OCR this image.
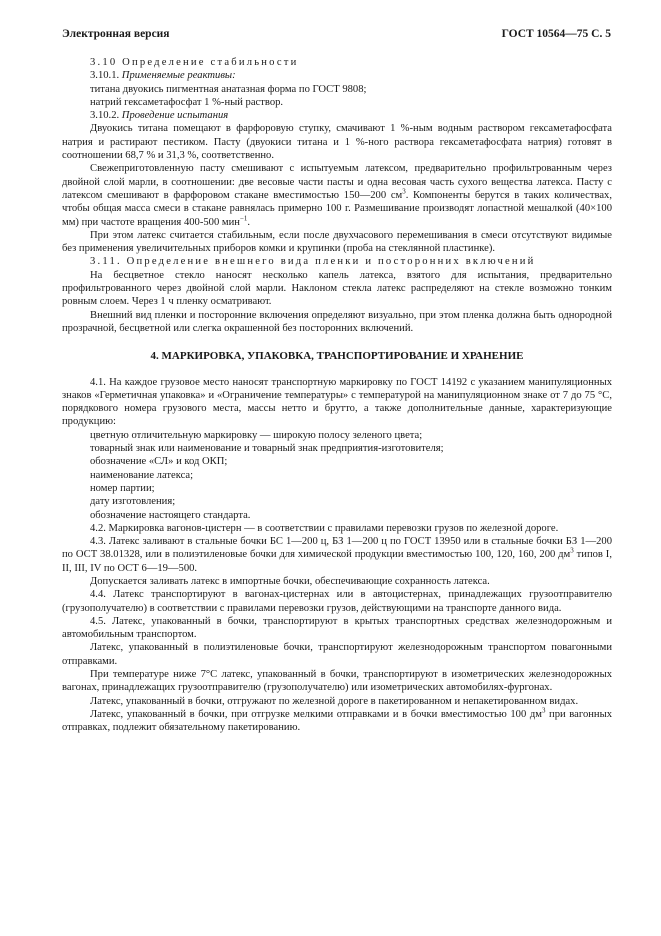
Электронная версия	ГОСТ 10564—75 С. 5

3.10 Определение стабильности

3.10.1. Применяемые реактивы:

титана двуокись пигментная анатазная форма по ГОСТ 9808;

натрий гексаметафосфат 1 %-ный раствор.

3.10.2. Проведение испытания

Двуокись титана помещают в фарфоровую ступку, смачивают 1 %-ным водным раствором гексаметафосфата натрия и растирают пестиком. Пасту (двуокиси титана и 1 %-ного раствора гексаметафосфата натрия) готовят в соотношении 68,7 % и 31,3 %, соответственно.

Свежеприготовленную пасту смешивают с испытуемым латексом, предварительно профильтрованным через двойной слой марли, в соотношении: две весовые части пасты и одна весовая часть сухого вещества латекса. Пасту с латексом смешивают в фарфоровом стакане вместимостью 150—200 $см^3$. Компоненты берутся в таких количествах, чтобы общая масса смеси в стакане равнялась примерно 100 г. Размешивание производят лопастной мешалкой (40×100 мм) при частоте вращения 400-500 мин$^{-1}$.

При этом латекс считается стабильным, если после двухчасового перемешивания в смеси отсутствуют видимые без применения увеличительных приборов комки и крупинки (проба на стеклянной пластинке).

3.11. Определение внешнего вида пленки и посторонних включений

На бесцветное стекло наносят несколько капель латекса, взятого для испытания, предварительно профильтрованного через двойной слой марли. Наклоном стекла латекс распределяют на стекле возможно тонким ровным слоем. Через 1 ч пленку осматривают.

Внешний вид пленки и посторонние включения определяют визуально, при этом пленка должна быть однородной прозрачной, бесцветной или слегка окрашенной без посторонних включений.

4. МАРКИРОВКА, УПАКОВКА, ТРАНСПОРТИРОВАНИЕ И ХРАНЕНИЕ

4.1. На каждое грузовое место наносят транспортную маркировку по ГОСТ 14192 с указанием манипуляционных знаков «Герметичная упаковка» и «Ограничение температуры» с температурой на манипуляционном знаке от 7 до 75 °С, порядкового номера грузового места, массы нетто и брутто, а также дополнительные данные, характеризующие продукцию:

цветную отличительную маркировку — широкую полосу зеленого цвета;

товарный знак или наименование и товарный знак предприятия-изготовителя;

обозначение «СЛ» и код ОКП;

наименование латекса;

номер партии;

дату изготовления;

обозначение настоящего стандарта.

4.2. Маркировка вагонов-цистерн — в соответствии с правилами перевозки грузов по железной дороге.

4.3. Латекс заливают в стальные бочки БС 1—200 ц, БЗ 1—200 ц по ГОСТ 13950 или в стальные бочки БЗ 1—200 по ОСТ 38.01328, или в полиэтиленовые бочки для химической продукции вместимостью 100, 120, 160, 200 $дм^3$ типов I, II, III, IV по ОСТ 6—19—500.

Допускается заливать латекс в импортные бочки, обеспечивающие сохранность латекса.

4.4. Латекс транспортируют в вагонах-цистернах или в автоцистернах, принадлежащих грузоотправителю (грузополучателю) в соответствии с правилами перевозки грузов, действующими на транспорте данного вида.

4.5. Латекс, упакованный в бочки, транспортируют в крытых транспортных средствах железнодорожным и автомобильным транспортом.

Латекс, упакованный в полиэтиленовые бочки, транспортируют железнодорожным транспортом повагонными отправками.

При температуре ниже 7°С латекс, упакованный в бочки, транспортируют в изометрических железнодорожных вагонах, принадлежащих грузоотправителю (грузополучателю) или изометрических автомобилях-фургонах.

Латекс, упакованный в бочки, отгружают по железной дороге в пакетированном и непакетированном видах.

Латекс, упакованный в бочки, при отгрузке мелкими отправками и в бочки вместимостью 100 $дм^3$ при вагонных отправках, подлежит обязательному пакетированию.
